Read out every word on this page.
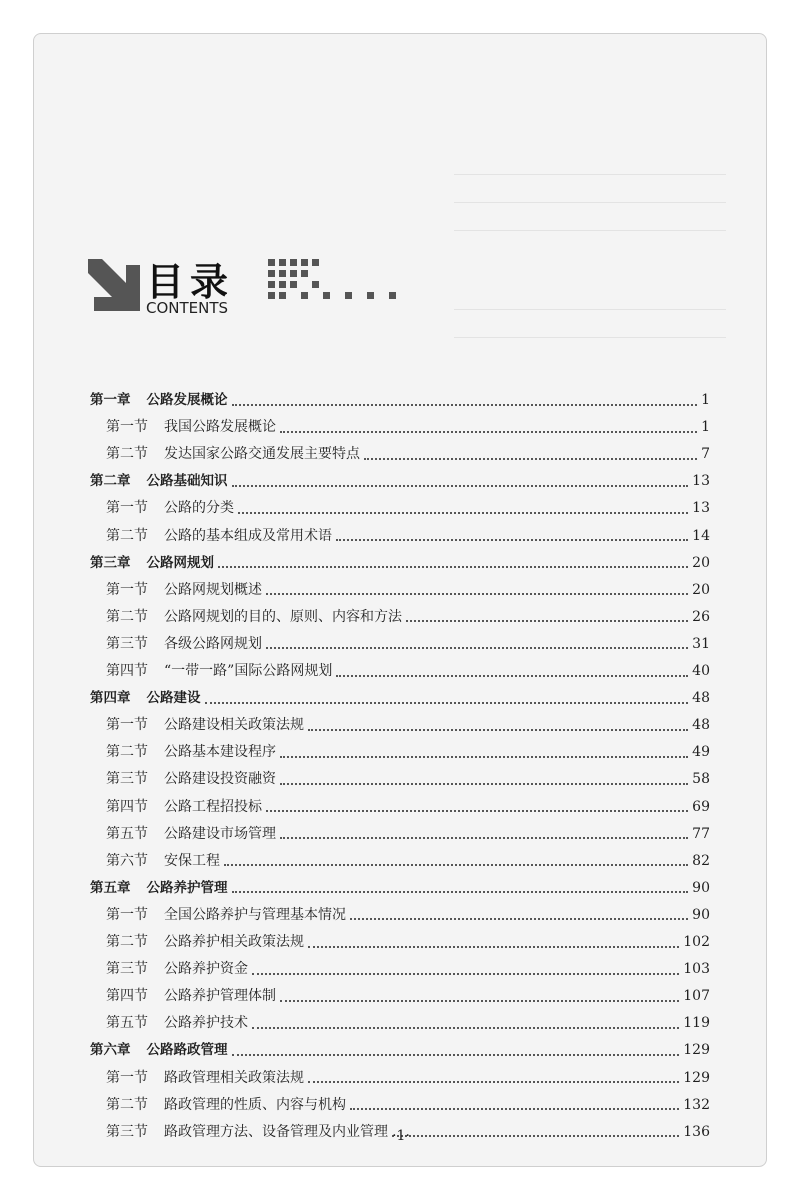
目录
CONTENTS
第一章 公路发展概论	1
第一节 我国公路发展概论	1
第二节 发达国家公路交通发展主要特点	7
第二章 公路基础知识	13
第一节 公路的分类	13
第二节 公路的基本组成及常用术语	14
第三章 公路网规划	20
第一节 公路网规划概述	20
第二节 公路网规划的目的、原则、内容和方法	26
第三节 各级公路网规划	31
第四节 “一带一路”国际公路网规划	40
第四章 公路建设	48
第一节 公路建设相关政策法规	48
第二节 公路基本建设程序	49
第三节 公路建设投资融资	58
第四节 公路工程招投标	69
第五节 公路建设市场管理	77
第六节 安保工程	82
第五章 公路养护管理	90
第一节 全国公路养护与管理基本情况	90
第二节 公路养护相关政策法规	102
第三节 公路养护资金	103
第四节 公路养护管理体制	107
第五节 公路养护技术	119
第六章 公路路政管理	129
第一节 路政管理相关政策法规	129
第二节 路政管理的性质、内容与机构	132
第三节 路政管理方法、设备管理及内业管理	136
·1·
